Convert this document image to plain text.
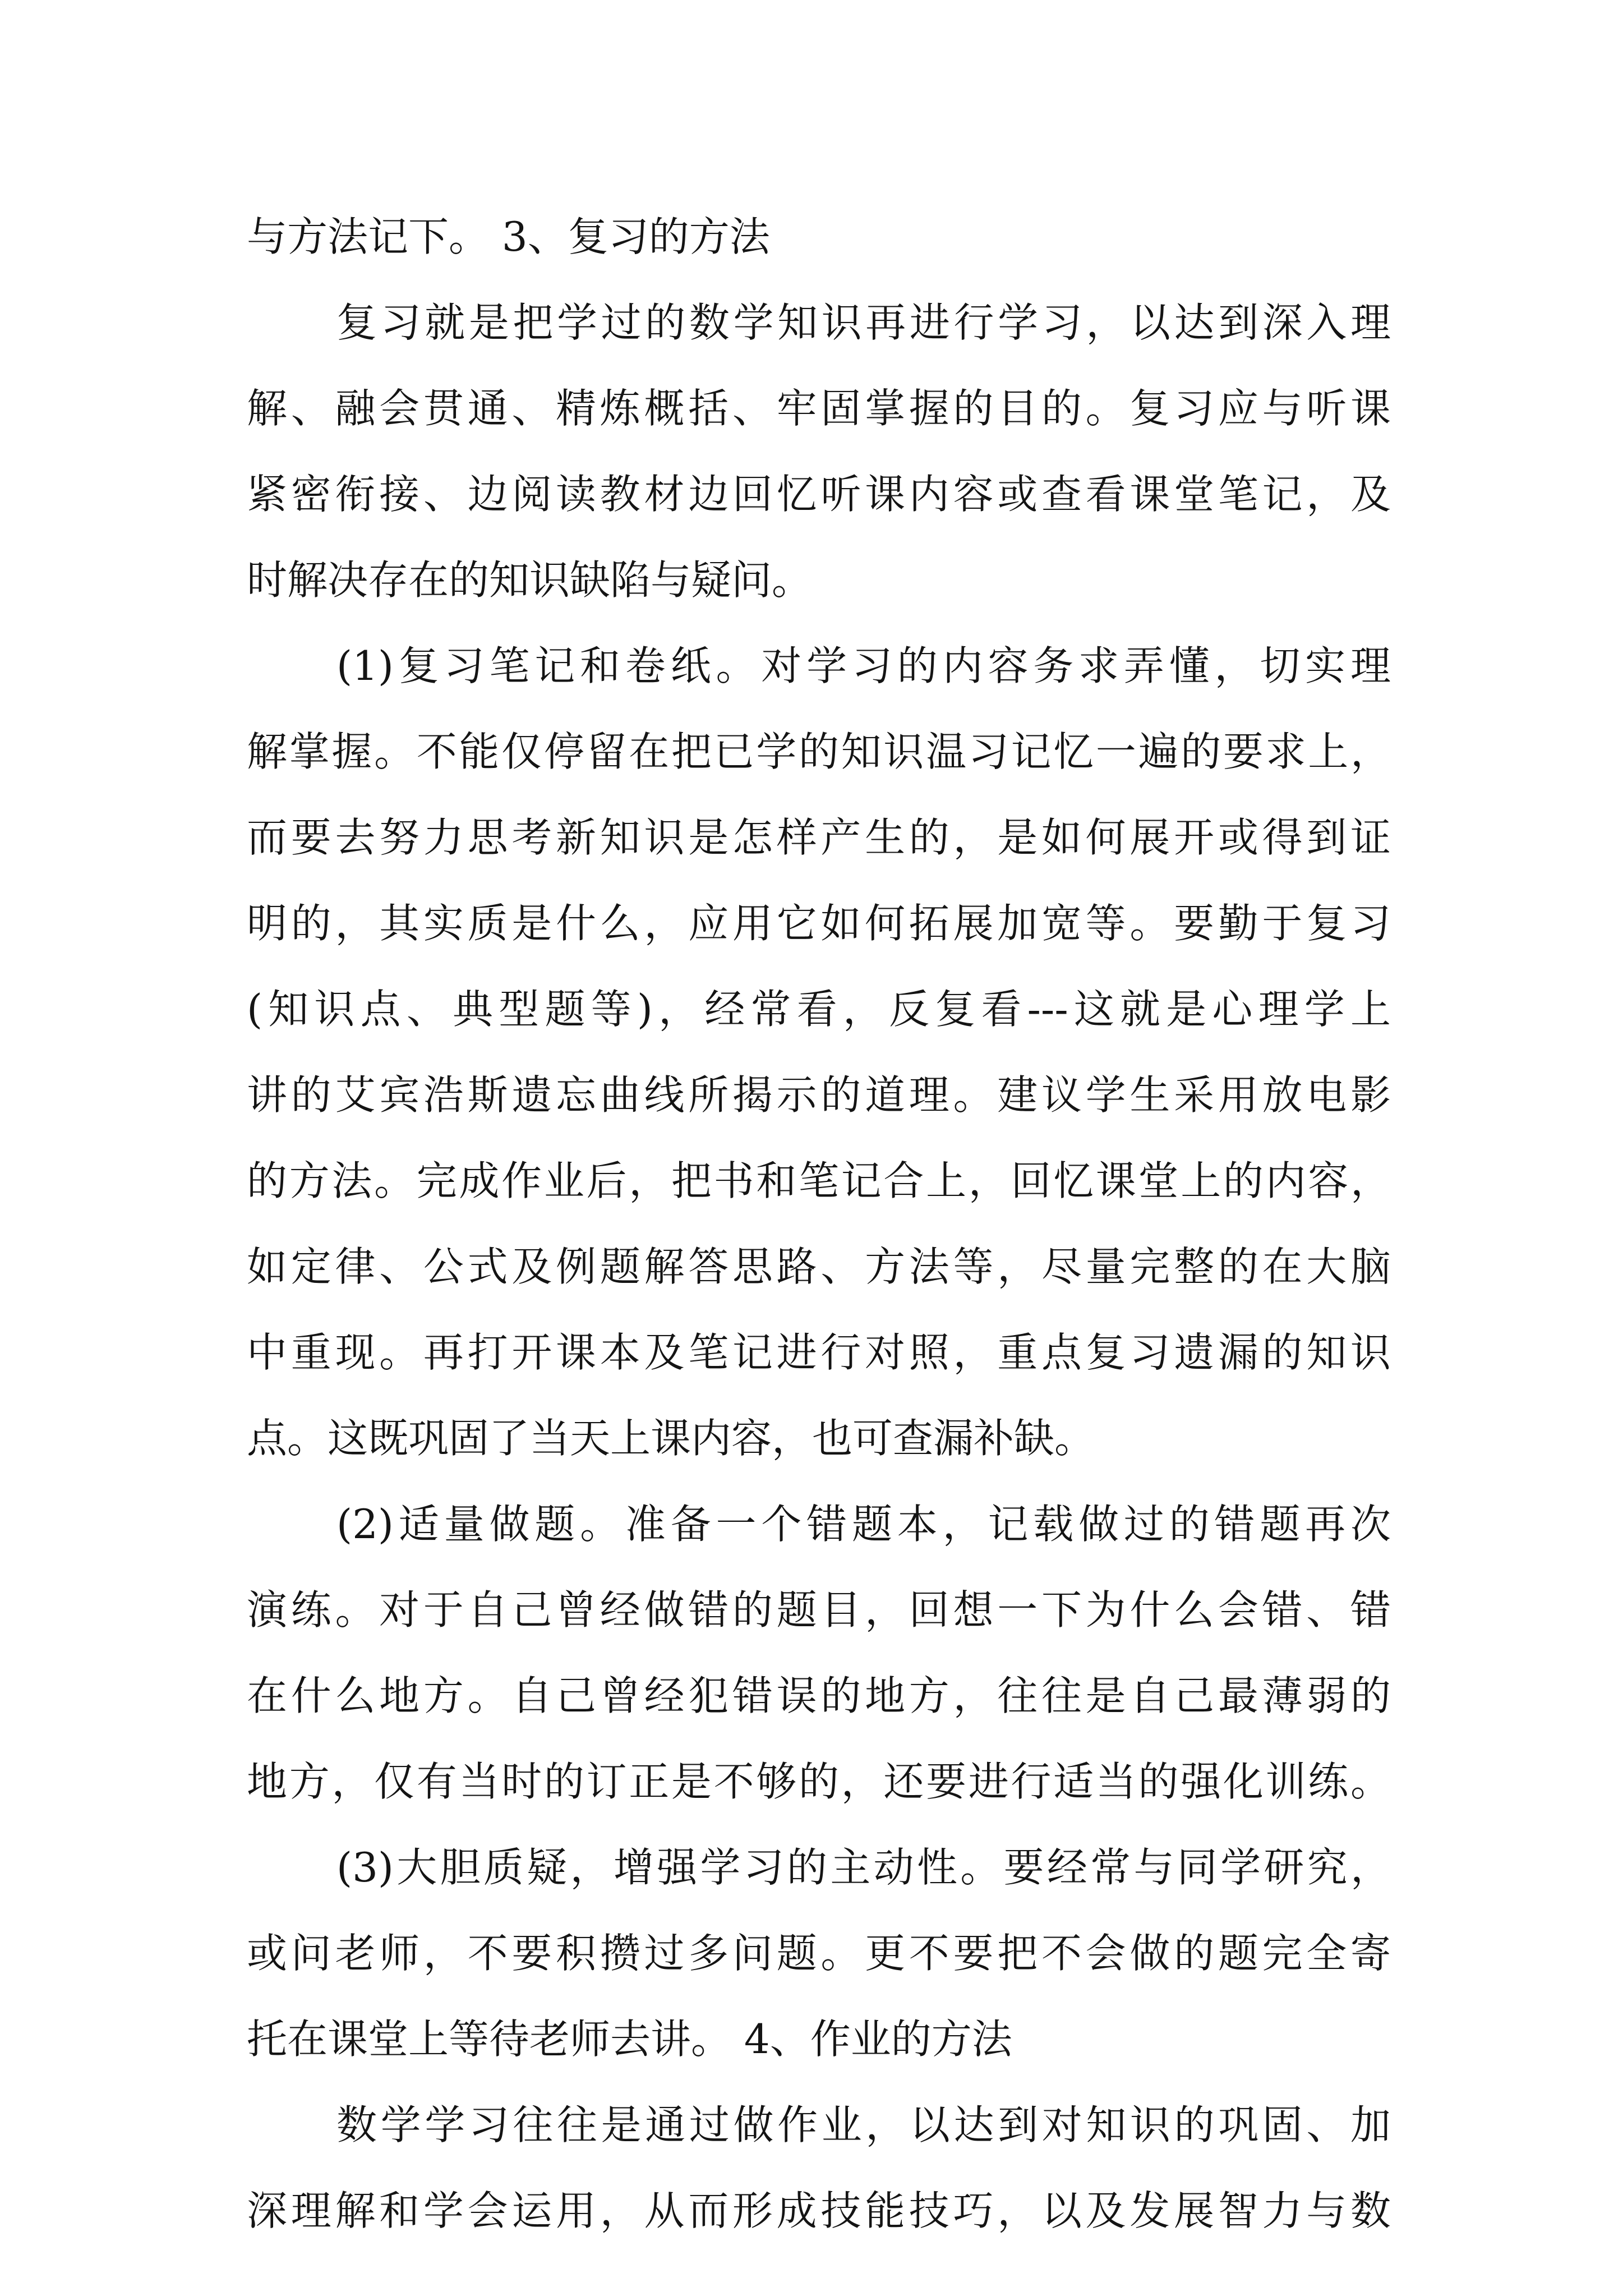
与方法记下。 3、复习的方法
复习就是把学过的数学知识再进行学习，以达到深入理
解、融会贯通、精炼概括、牢固掌握的目的。复习应与听课
紧密衔接、边阅读教材边回忆听课内容或查看课堂笔记，及
时解决存在的知识缺陷与疑问。
(1)复习笔记和卷纸。对学习的内容务求弄懂，切实理
解掌握。不能仅停留在把已学的知识温习记忆一遍的要求上，
而要去努力思考新知识是怎样产生的，是如何展开或得到证
明的，其实质是什么，应用它如何拓展加宽等。要勤于复习
(知识点、典型题等)，经常看，反复看---这就是心理学上
讲的艾宾浩斯遗忘曲线所揭示的道理。建议学生采用放电影
的方法。完成作业后，把书和笔记合上，回忆课堂上的内容，
如定律、公式及例题解答思路、方法等，尽量完整的在大脑
中重现。再打开课本及笔记进行对照，重点复习遗漏的知识
点。这既巩固了当天上课内容，也可查漏补缺。
(2)适量做题。准备一个错题本，记载做过的错题再次
演练。对于自己曾经做错的题目，回想一下为什么会错、错
在什么地方。自己曾经犯错误的地方，往往是自己最薄弱的
地方，仅有当时的订正是不够的，还要进行适当的强化训练。
(3)大胆质疑，增强学习的主动性。要经常与同学研究，
或问老师，不要积攒过多问题。更不要把不会做的题完全寄
托在课堂上等待老师去讲。 4、作业的方法
数学学习往往是通过做作业，以达到对知识的巩固、加
深理解和学会运用，从而形成技能技巧，以及发展智力与数
